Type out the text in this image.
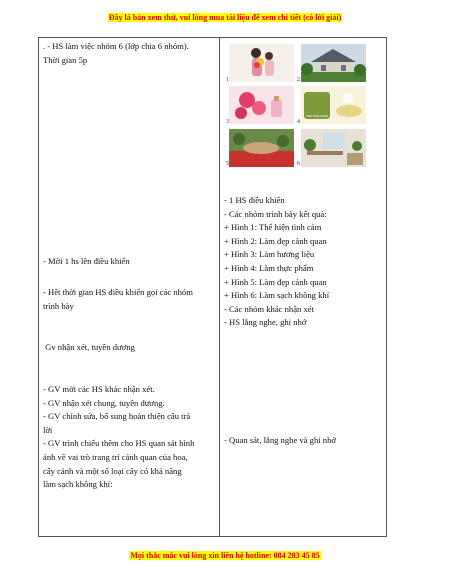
Đây là bản xem thử, vui lòng mua tài liệu để xem chi tiết (có lời giải)
. - HS làm việc nhóm 6 (lớp chia 6 nhóm).
Thời gian 5p
- Mời 1 hs lên điều khiển
- Hết thời gian HS điều khiển gọi các nhóm
trình bày
Gv nhận xét, tuyên dương
- GV mời các HS khác nhận xét.
- GV nhận xét chung, tuyên dương.
- GV chỉnh sửa, bổ sung hoàn thiện câu trả
lời
- GV trình chiếu thêm cho HS quan sát hình
ảnh về vai trò trang trí cảnh quan của hoa,
cây cảnh và một số loại cây có khả năng
làm sạch không khí:

TRÀ HOA NHÀI
1	2
3	4
5	6
- 1 HS điều khiển
- Các nhóm trình bày kết quả:
+ Hình 1: Thể hiện tình cảm
+ Hình 2: Làm đẹp cảnh quan
+ Hình 3: Làm hương liệu
+ Hình 4: Làm thực phẩm
+ Hình 5: Làm đẹp cảnh quan
+ Hình 6: Làm sạch không khí
- Các nhóm khác nhận xét
- HS lắng nghe, ghi nhớ
- Quan sát, lắng nghe và ghi nhớ
Mọi thắc mắc vui lòng xin liên hệ hotline: 084 283 45 85
